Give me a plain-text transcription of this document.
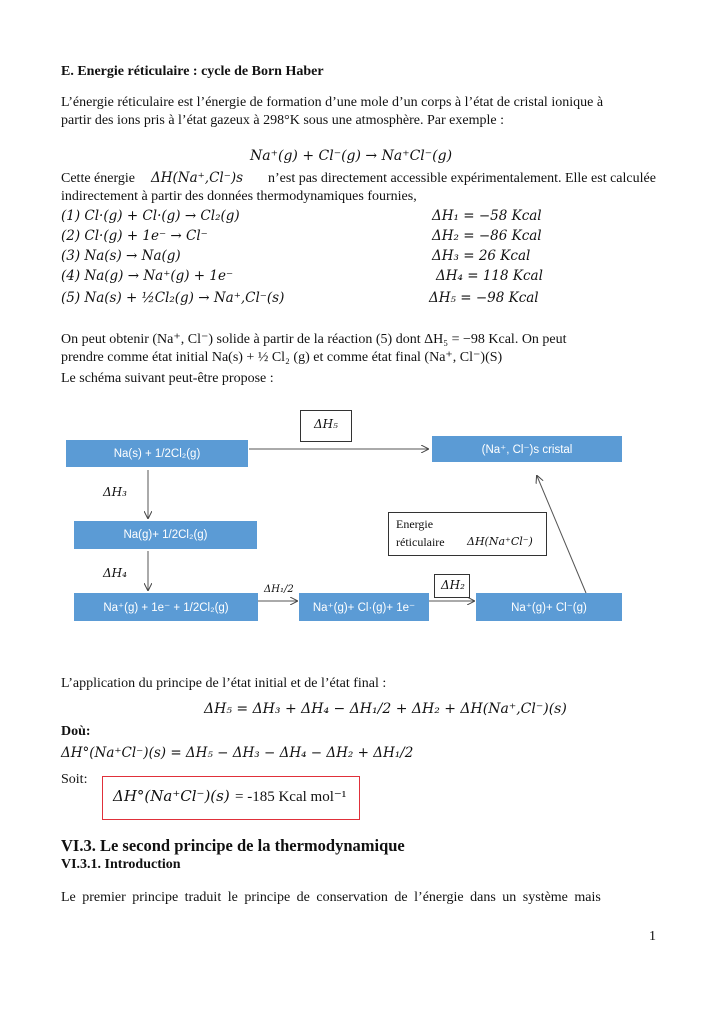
E. Energie réticulaire : cycle de Born Haber
L’énergie réticulaire est l’énergie de formation d’une mole d’un corps à l’état de cristal ionique à
partir des ions pris à l’état gazeux à 298°K sous une atmosphère. Par exemple :
Na⁺(g) + Cl⁻(g) → Na⁺Cl⁻(g)
Cette énergie ΔH(Na⁺,Cl⁻)s n’est pas directement accessible expérimentalement. Elle est calculée
indirectement à partir des données thermodynamiques fournies,
(1) Cl·(g) + Cl·(g) → Cl₂(g)	ΔH₁ = −58 Kcal
(2) Cl·(g) + 1e⁻ → Cl⁻	ΔH₂ = −86 Kcal
(3) Na(s) → Na(g)	ΔH₃ = 26 Kcal
(4) Na(g) → Na⁺(g) + 1e⁻	ΔH₄ = 118 Kcal
(5) Na(s) + ½Cl₂(g) → Na⁺,Cl⁻(s)	ΔH₅ = −98 Kcal
On peut obtenir (Na⁺, Cl⁻) solide à partir de la réaction (5) dont ΔH₅ = −98 Kcal. On peut
prendre comme état initial Na(s) + ½ Cl₂ (g) et comme état final (Na⁺, Cl⁻)(S)
Le schéma suivant peut-être propose :
ΔH₅
Na(s) + 1/2Cl₂(g)	(Na⁺, Cl⁻)s cristal
ΔH₃
Na(g)+ 1/2Cl₂(g)
Energie
réticulaire ΔH(Na⁺Cl⁻)
ΔH₄
ΔH₁/2	ΔH₂
Na⁺(g) + 1e⁻ + 1/2Cl₂(g)	Na⁺(g)+ Cl·(g)+ 1e⁻	Na⁺(g)+ Cl⁻(g)
L’application du principe de l’état initial et de l’état final :
ΔH₅ = ΔH₃ + ΔH₄ − ΔH₁/2 + ΔH₂ + ΔH(Na⁺,Cl⁻)(s)
Doù:
ΔH°(Na⁺Cl⁻)(s) = ΔH₅ − ΔH₃ − ΔH₄ − ΔH₂ + ΔH₁/2
Soit:
ΔH°(Na⁺Cl⁻)(s) = -185 Kcal mol⁻¹
VI.3. Le second principe de la thermodynamique
VI.3.1. Introduction
Le premier principe traduit le principe de conservation de l’énergie dans un système mais
1
